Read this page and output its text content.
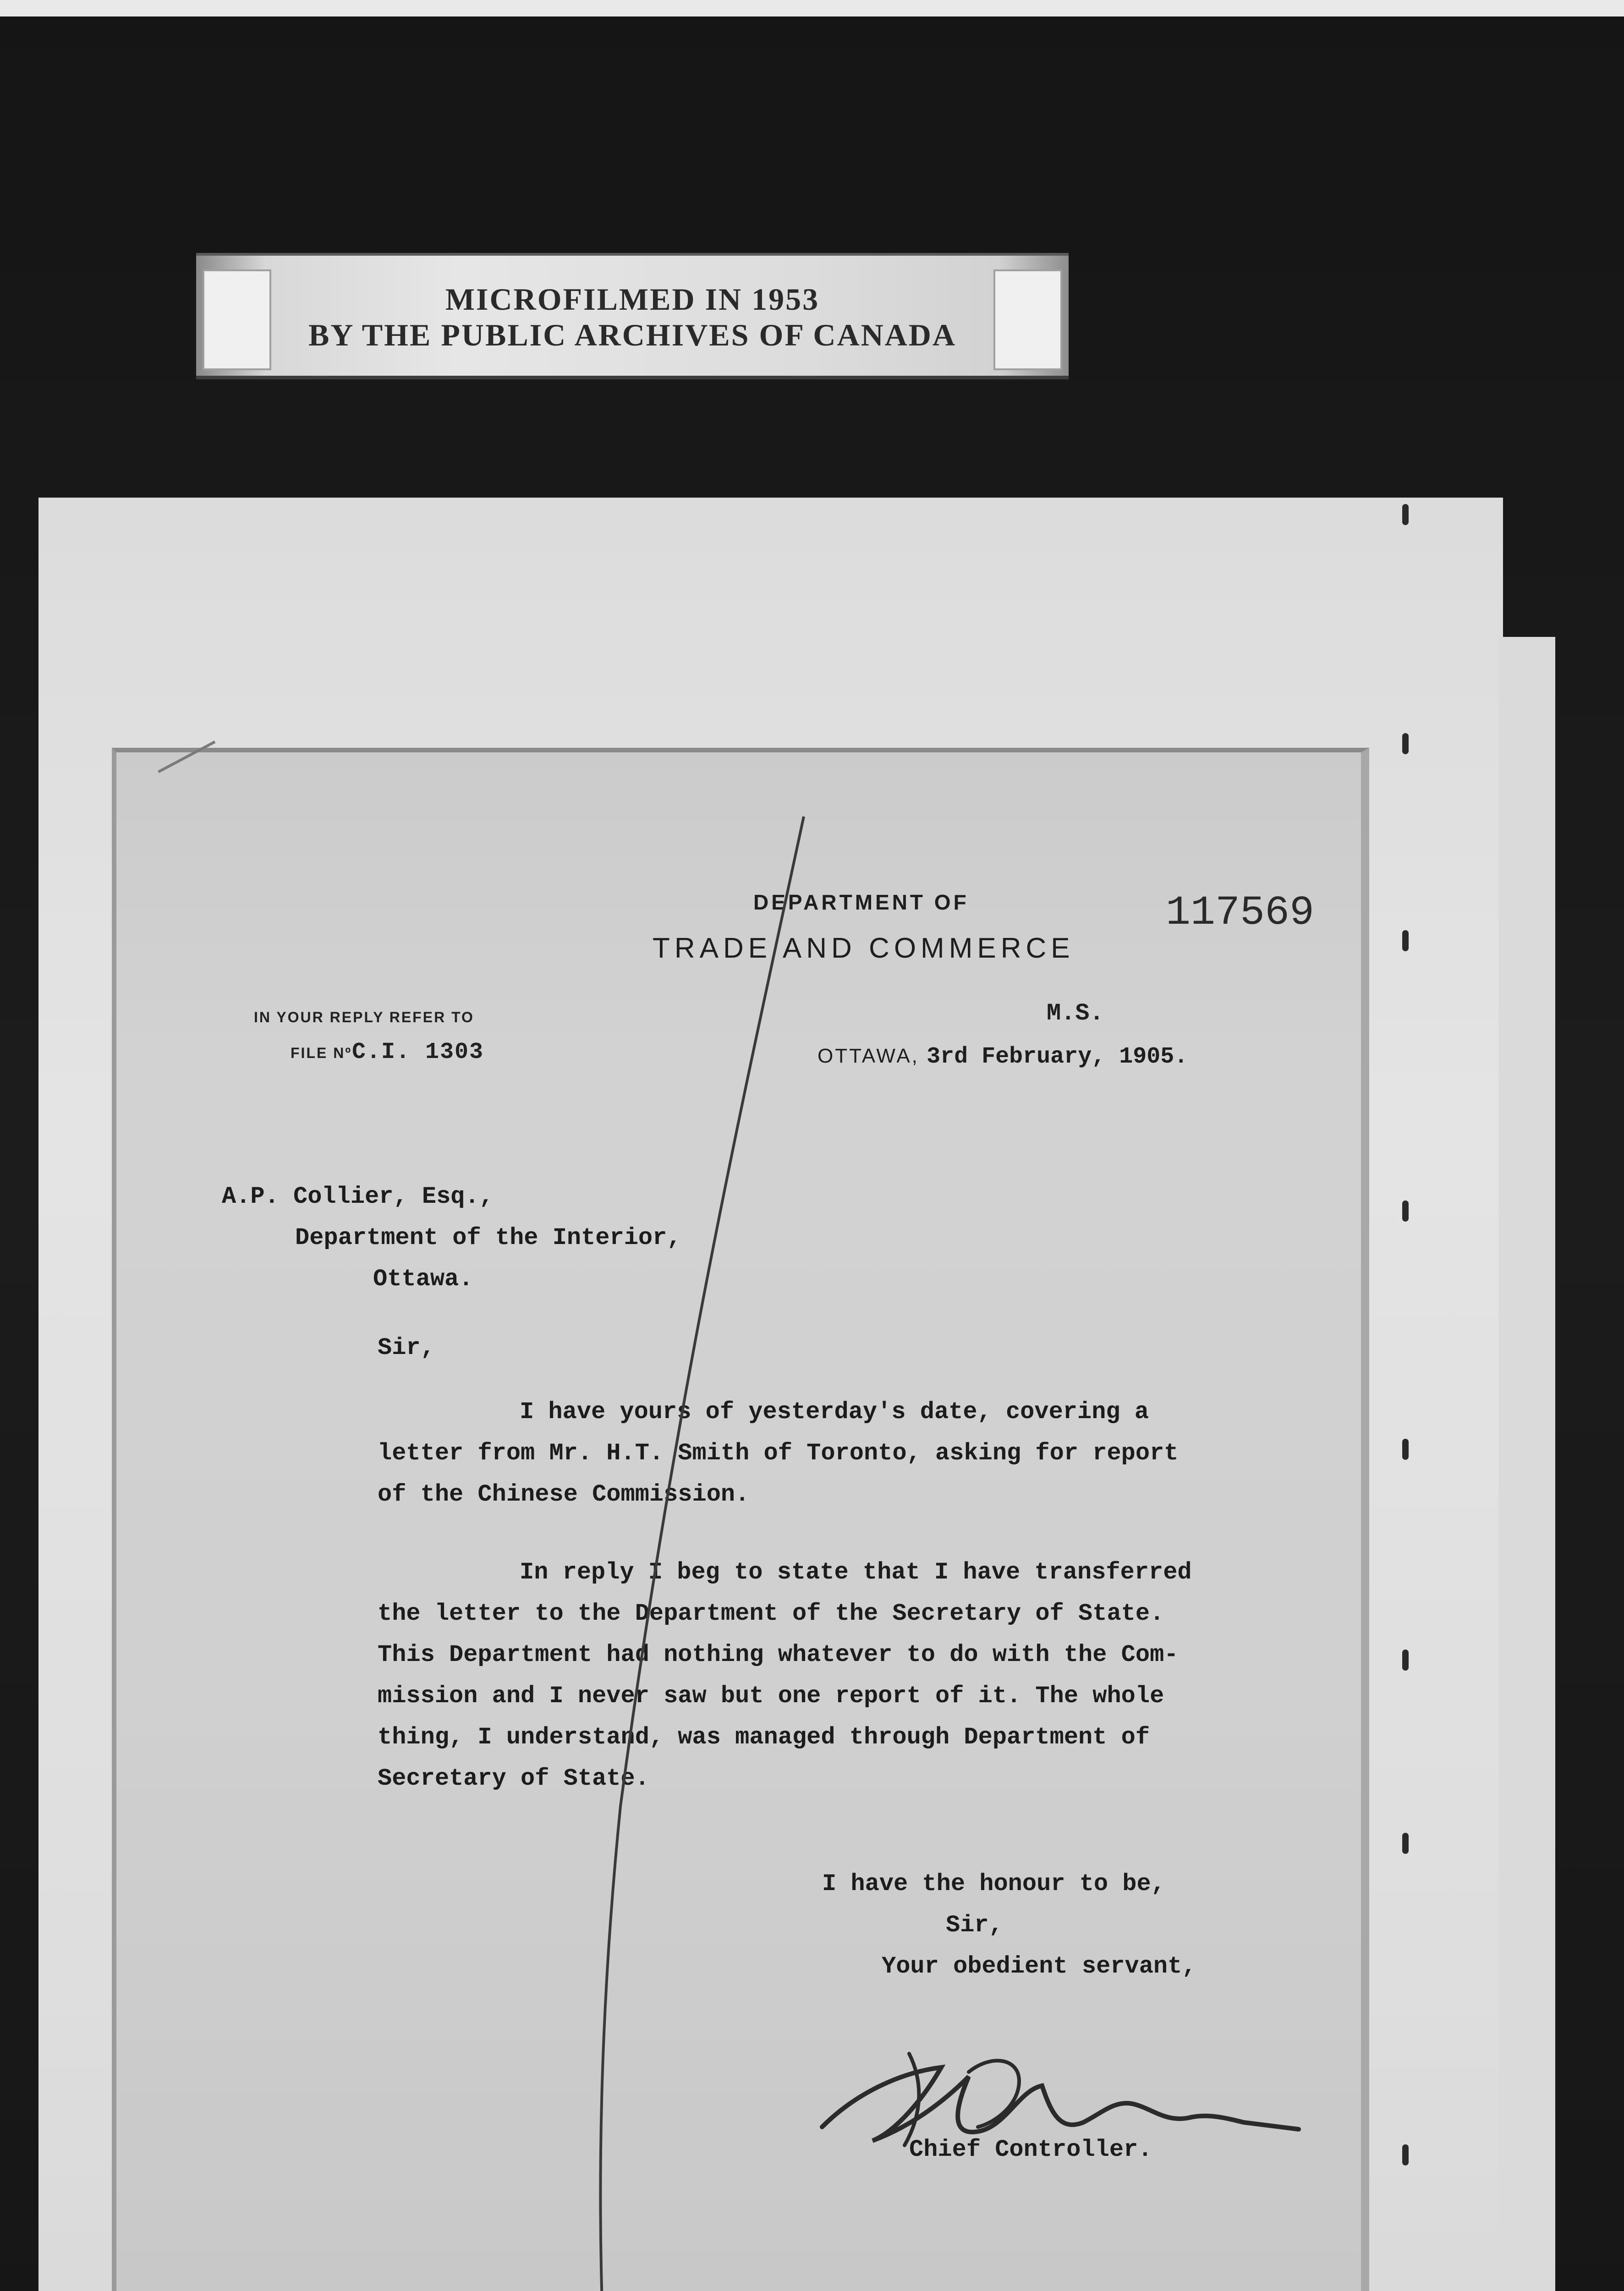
MICROFILMED IN 1953
BY THE PUBLIC ARCHIVES OF CANADA
DEPARTMENT OF
TRADE AND COMMERCE
117569
IN YOUR REPLY REFER TO
FILE NºC.I. 1303
M.S.
OTTAWA, 3rd February, 1905.
A.P. Collier, Esq.,
Department of the Interior,
Ottawa.
Sir,
I have yours of yesterday's date, covering a
letter from Mr. H.T. Smith of Toronto, asking for report
of the Chinese Commission.
In reply I beg to state that I have transferred
the letter to the Department of the Secretary of State.
This Department had nothing whatever to do with the Com-
mission and I never saw but one report of it. The whole
thing, I understand, was managed through Department of
Secretary of State.
I have the honour to be,
Sir,
Your obedient servant,
Chief Controller.
